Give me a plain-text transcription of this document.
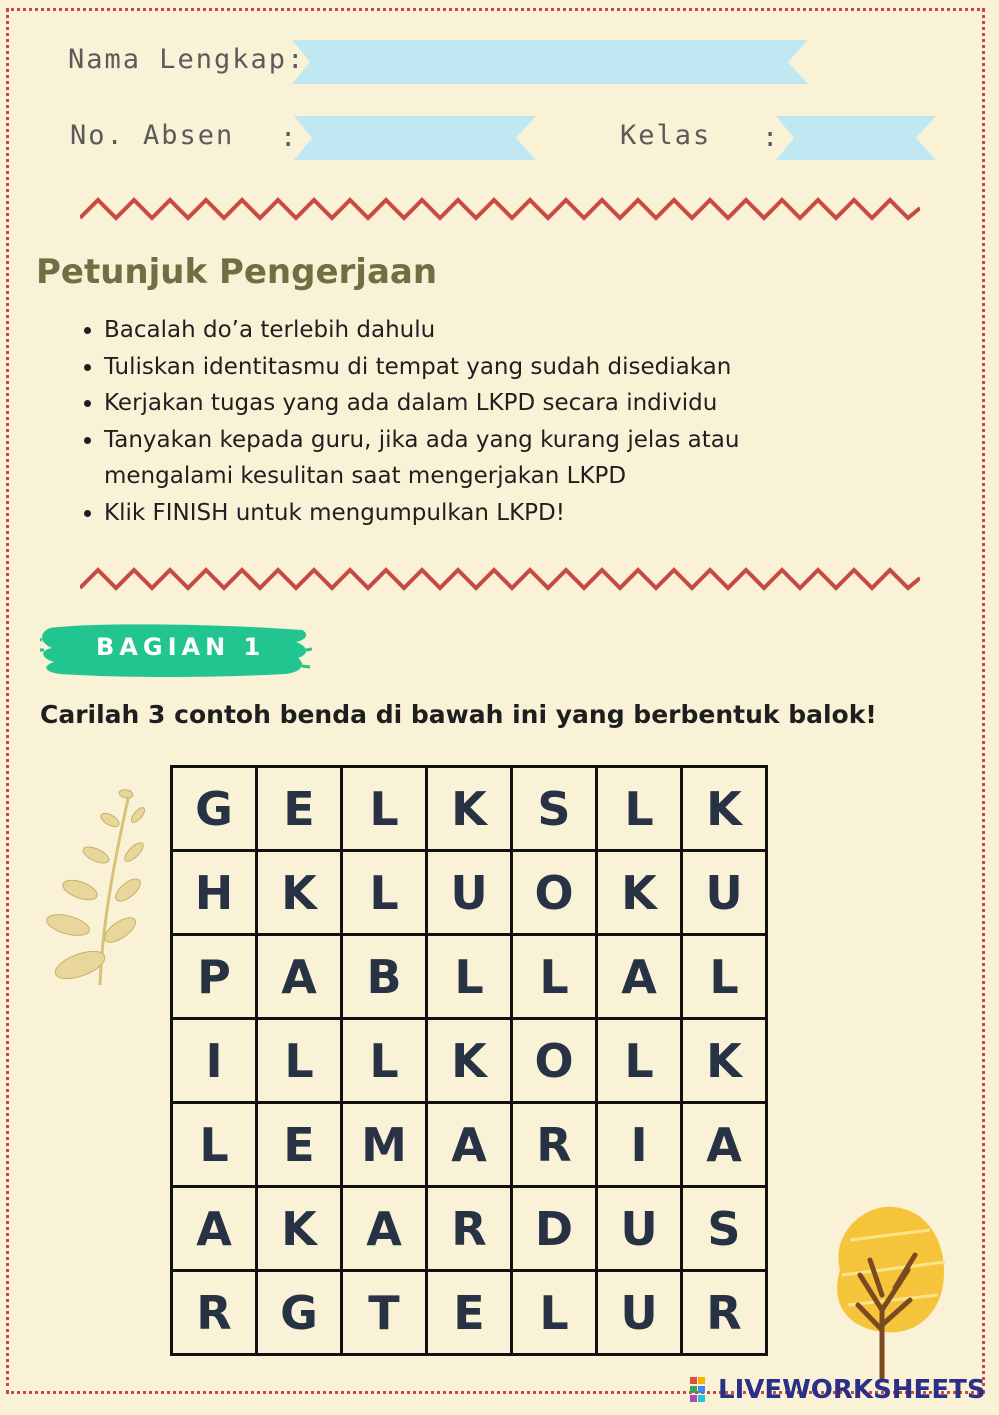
Nama Lengkap:
No. Absen :	Kelas :
Petunjuk Pengerjaan
• Bacalah do’a terlebih dahulu
• Tuliskan identitasmu di tempat yang sudah disediakan
• Kerjakan tugas yang ada dalam LKPD secara individu
• Tanyakan kepada guru, jika ada yang kurang jelas atau mengalami kesulitan saat mengerjakan LKPD
• Klik FINISH untuk mengumpulkan LKPD!
BAGIAN 1
Carilah 3 contoh benda di bawah ini yang berbentuk balok!
G	E	L	K	S	L	K
H	K	L	U	O	K	U
P	A	B	L	L	A	L
I	L	L	K	O	L	K
L	E	M	A	R	I	A
A	K	A	R	D	U	S
R	G	T	E	L	U	R
LIVEWORKSHEETS
